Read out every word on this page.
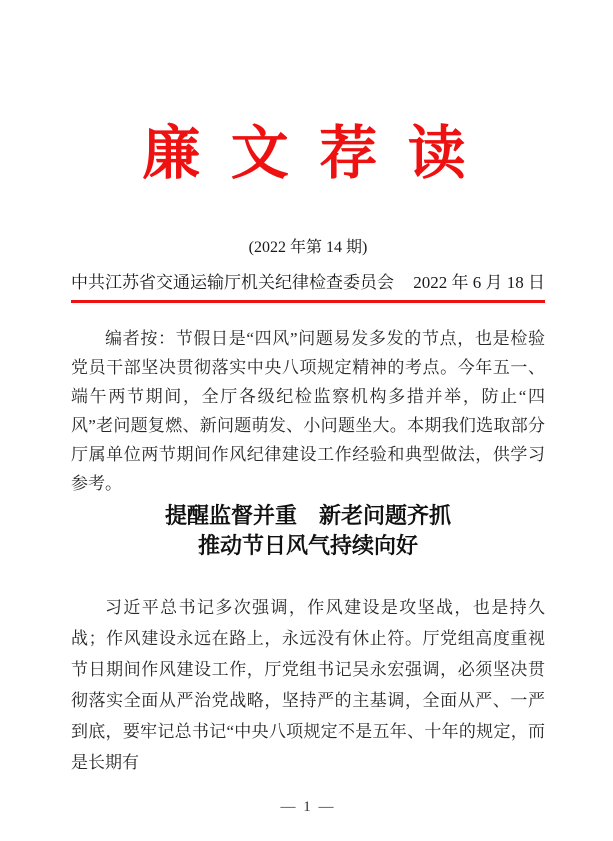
廉 文 荐 读
(2022 年第 14 期)
中共江苏省交通运输厅机关纪律检查委员会 2022 年 6 月 18 日

编者按：节假日是“四风”问题易发多发的节点，也是检验党员干部坚决贯彻落实中央八项规定精神的考点。今年五一、端午两节期间，全厅各级纪检监察机构多措并举，防止“四风”老问题复燃、新问题萌发、小问题坐大。本期我们选取部分厅属单位两节期间作风纪律建设工作经验和典型做法，供学习参考。

提醒监督并重　新老问题齐抓
推动节日风气持续向好

习近平总书记多次强调，作风建设是攻坚战，也是持久战；作风建设永远在路上，永远没有休止符。厅党组高度重视节日期间作风建设工作，厅党组书记吴永宏强调，必须坚决贯彻落实全面从严治党战略，坚持严的主基调，全面从严、一严到底，要牢记总书记“中央八项规定不是五年、十年的规定，而是长期有

— 1 —
